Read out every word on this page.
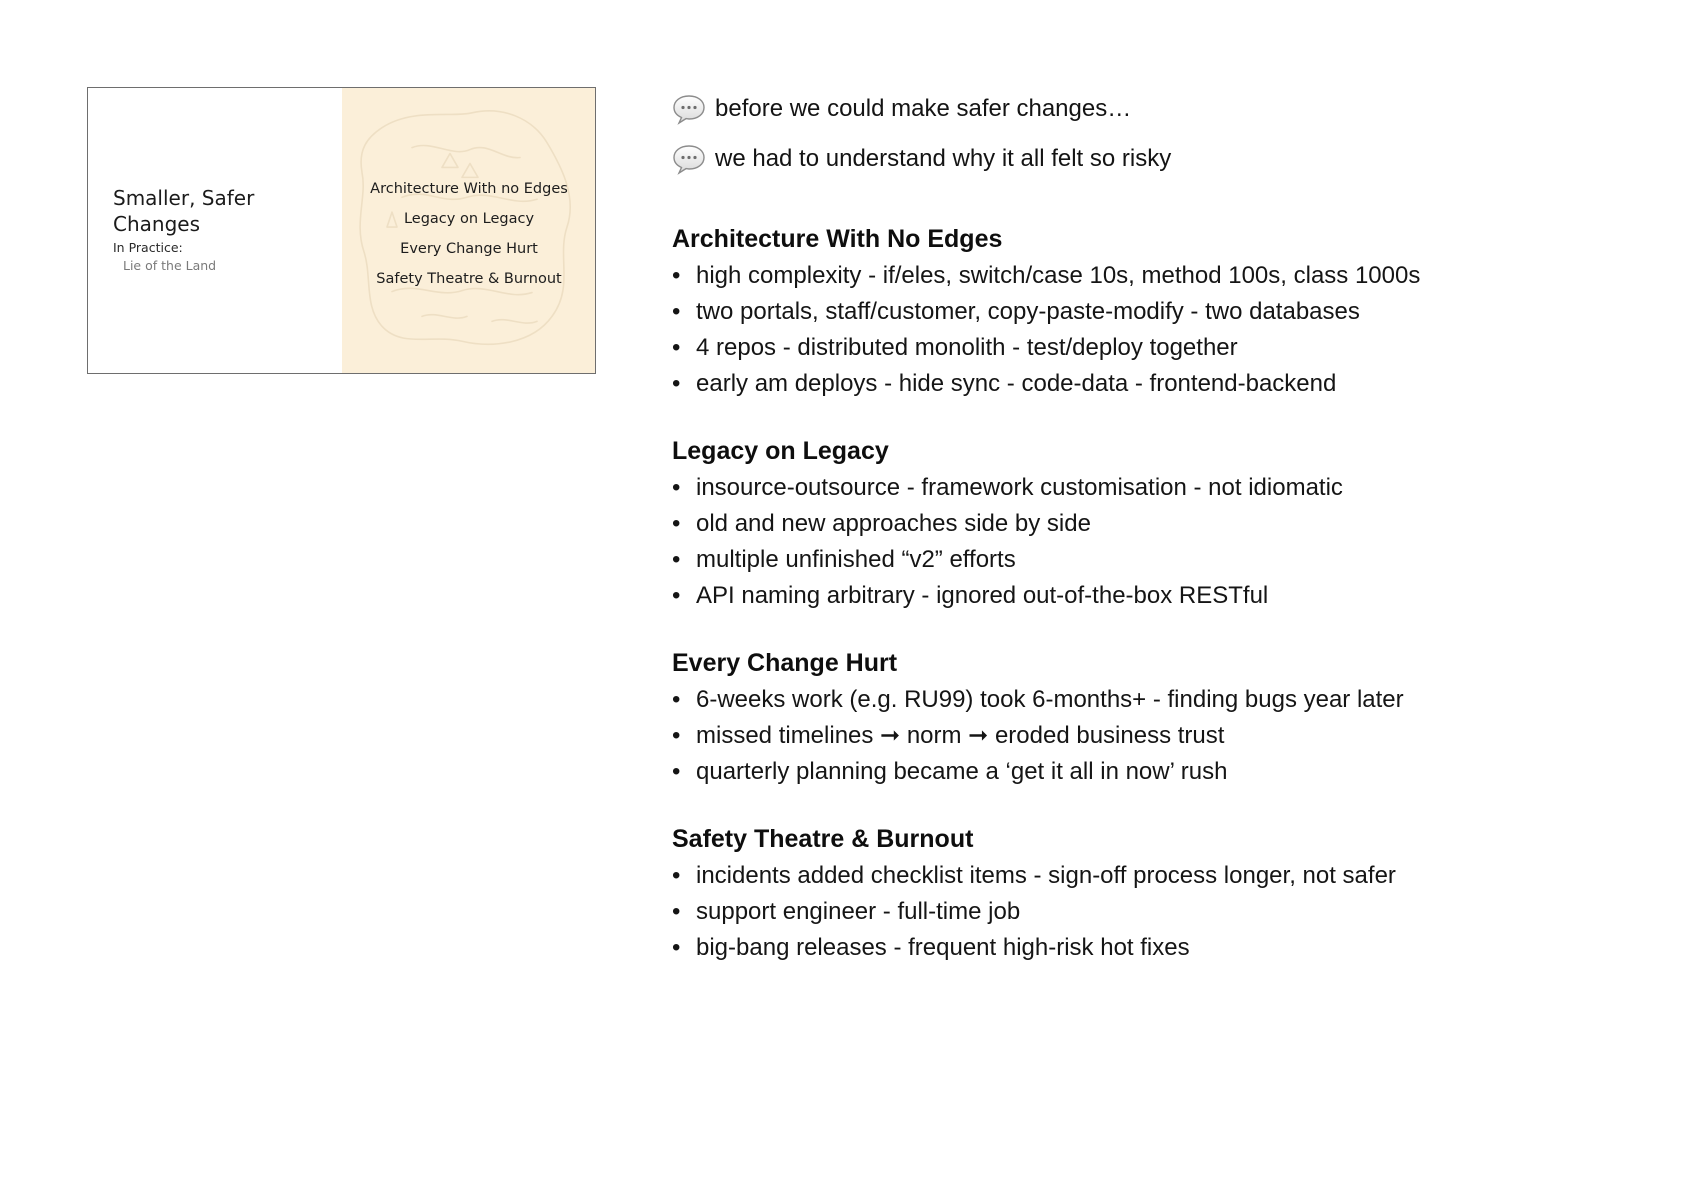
Smaller, Safer Changes
In Practice:
Lie of the Land
Architecture With no Edges
Legacy on Legacy
Every Change Hurt
Safety Theatre & Burnout
before we could make safer changes…
we had to understand why it all felt so risky
Architecture With No Edges
• high complexity - if/eles, switch/case 10s, method 100s, class 1000s
• two portals, staff/customer, copy-paste-modify - two databases
• 4 repos - distributed monolith - test/deploy together
• early am deploys - hide sync - code-data - frontend-backend
Legacy on Legacy
• insource-outsource - framework customisation - not idiomatic
• old and new approaches side by side
• multiple unfinished “v2” efforts
• API naming arbitrary - ignored out-of-the-box RESTful
Every Change Hurt
• 6-weeks work (e.g. RU99) took 6-months+ - finding bugs year later
• missed timelines ➞ norm ➞ eroded business trust
• quarterly planning became a ‘get it all in now’ rush
Safety Theatre & Burnout
• incidents added checklist items - sign-off process longer, not safer
• support engineer - full-time job
• big-bang releases - frequent high-risk hot fixes
